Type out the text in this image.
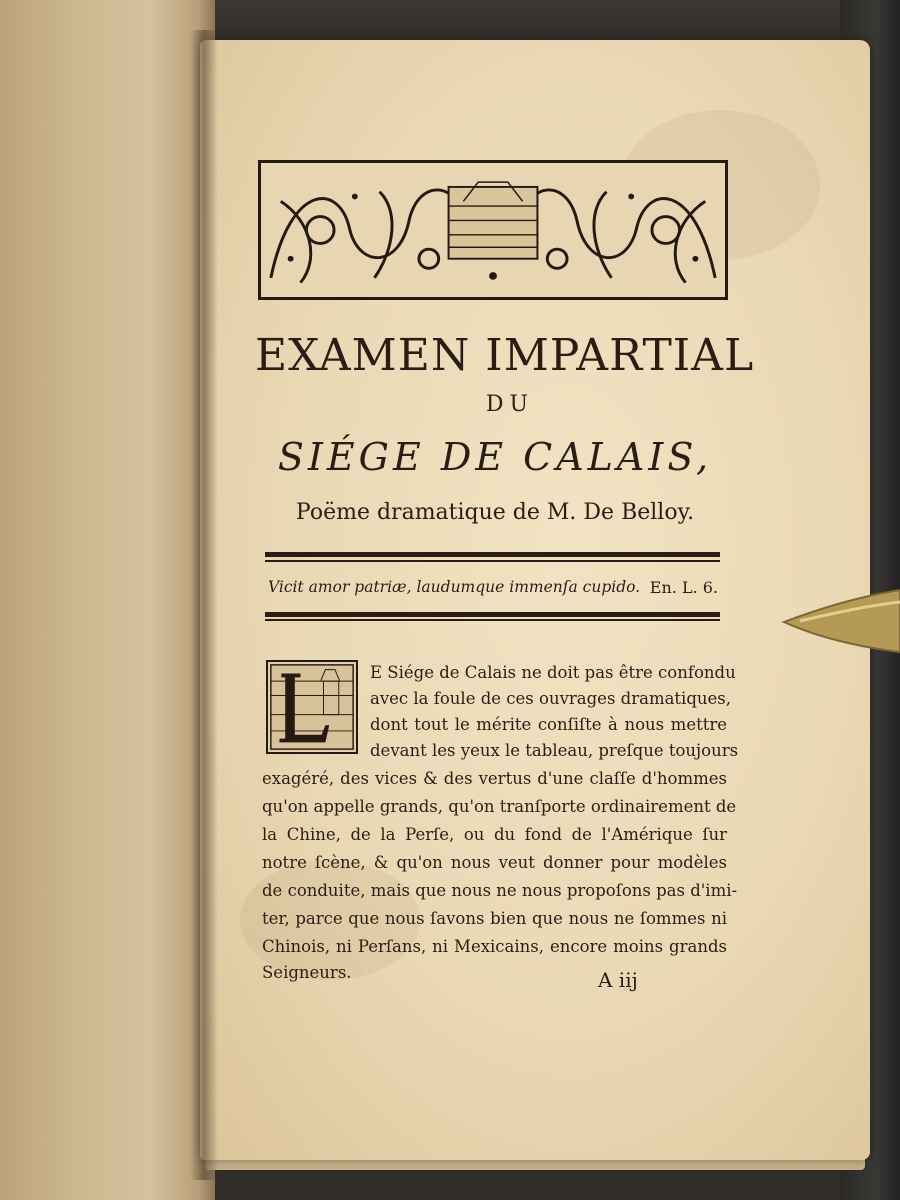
EXAMEN IMPARTIAL
DU
SIÉGE DE CALAIS,
Poëme dramatique de M. De Belloy.
Vicit amor patriæ, laudumque immenſa cupido. En. L. 6.
E Siége de Calais ne doit pas être confondu
avec la foule de ces ouvrages dramatiques,
dont tout le mérite conſiſte à nous mettre
devant les yeux le tableau, preſque toujours
exagéré, des vices & des vertus d'une claſſe d'hommes
qu'on appelle grands, qu'on tranſporte ordinairement de
la Chine, de la Perſe, ou du fond de l'Amérique ſur
notre ſcène, & qu'on nous veut donner pour modèles
de conduite, mais que nous ne nous propoſons pas d'imi-
ter, parce que nous ſavons bien que nous ne ſommes ni
Chinois, ni Perſans, ni Mexicains, encore moins grands
Seigneurs.	A iij
